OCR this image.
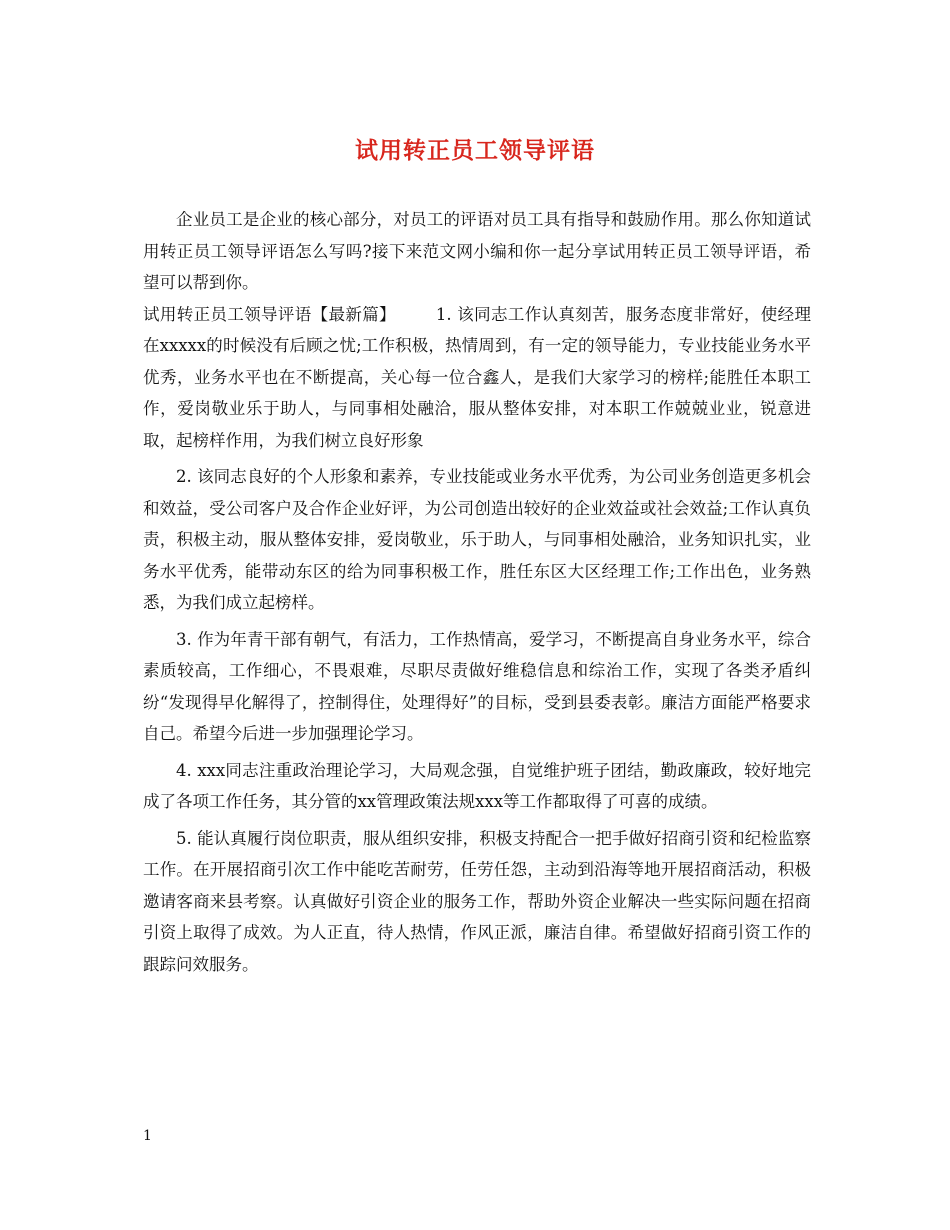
试用转正员工领导评语

企业员工是企业的核心部分，对员工的评语对员工具有指导和鼓励作用。那么你知道试用转正员工领导评语怎么写吗?接下来范文网小编和你一起分享试用转正员工领导评语，希望可以帮到你。

试用转正员工领导评语【最新篇】 1. 该同志工作认真刻苦，服务态度非常好，使经理在xxxxx的时候没有后顾之忧;工作积极，热情周到，有一定的领导能力，专业技能业务水平优秀，业务水平也在不断提高，关心每一位合鑫人，是我们大家学习的榜样;能胜任本职工作，爱岗敬业乐于助人，与同事相处融洽，服从整体安排，对本职工作兢兢业业，锐意进取，起榜样作用，为我们树立良好形象

2. 该同志良好的个人形象和素养，专业技能或业务水平优秀，为公司业务创造更多机会和效益，受公司客户及合作企业好评，为公司创造出较好的企业效益或社会效益;工作认真负责，积极主动，服从整体安排，爱岗敬业，乐于助人，与同事相处融洽，业务知识扎实，业务水平优秀，能带动东区的给为同事积极工作，胜任东区大区经理工作;工作出色，业务熟悉，为我们成立起榜样。

3. 作为年青干部有朝气，有活力，工作热情高，爱学习，不断提高自身业务水平，综合素质较高，工作细心，不畏艰难，尽职尽责做好维稳信息和综治工作，实现了各类矛盾纠纷“发现得早化解得了，控制得住，处理得好”的目标，受到县委表彰。廉洁方面能严格要求自己。希望今后进一步加强理论学习。

4. xxx同志注重政治理论学习，大局观念强，自觉维护班子团结，勤政廉政，较好地完成了各项工作任务，其分管的xx管理政策法规xxx等工作都取得了可喜的成绩。

5. 能认真履行岗位职责，服从组织安排，积极支持配合一把手做好招商引资和纪检监察工作。在开展招商引次工作中能吃苦耐劳，任劳任怨，主动到沿海等地开展招商活动，积极邀请客商来县考察。认真做好引资企业的服务工作，帮助外资企业解决一些实际问题在招商引资上取得了成效。为人正直，待人热情，作风正派，廉洁自律。希望做好招商引资工作的跟踪问效服务。

1
